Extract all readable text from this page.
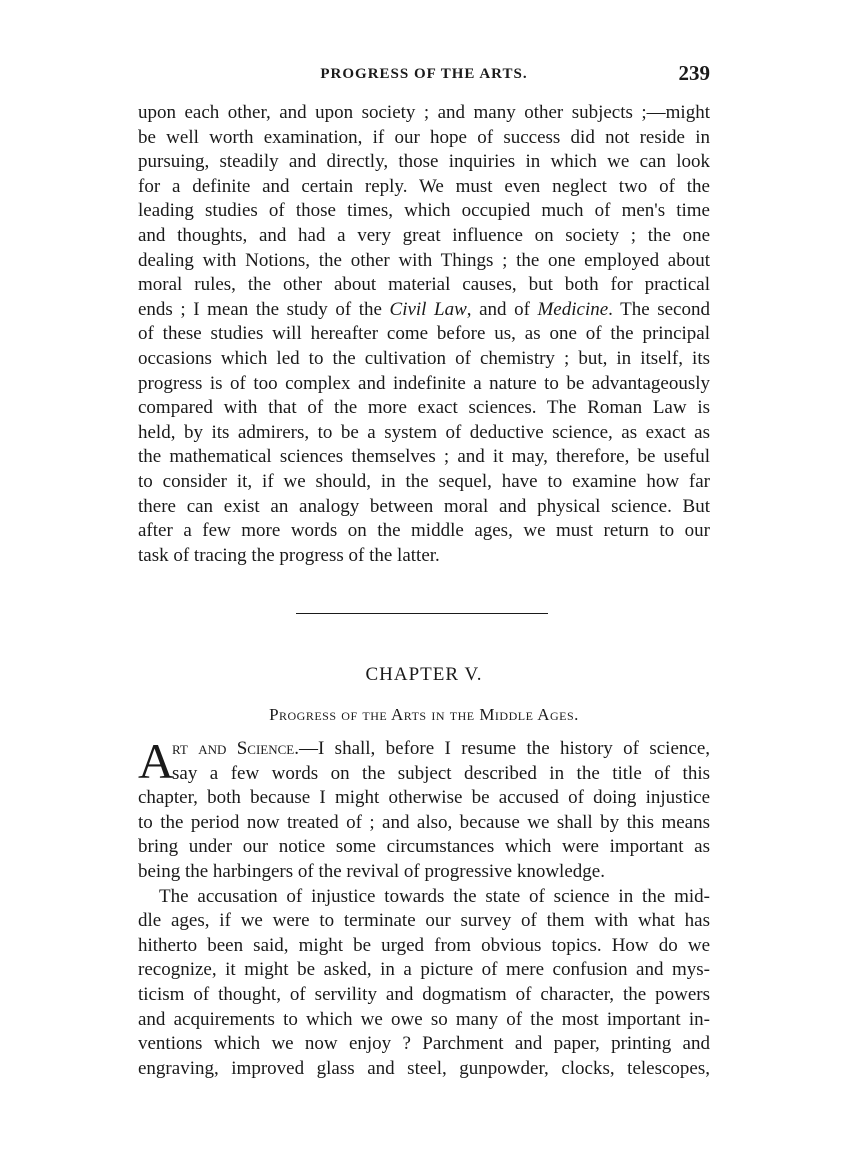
PROGRESS OF THE ARTS.	239
upon each other, and upon society ; and many other subjects ;—might
be well worth examination, if our hope of success did not reside in
pursuing, steadily and directly, those inquiries in which we can look
for a definite and certain reply. We must even neglect two of the
leading studies of those times, which occupied much of men's time
and thoughts, and had a very great influence on society ; the one
dealing with Notions, the other with Things ; the one employed about
moral rules, the other about material causes, but both for practical
ends ; I mean the study of the Civil Law, and of Medicine. The second
of these studies will hereafter come before us, as one of the principal
occasions which led to the cultivation of chemistry ; but, in itself, its
progress is of too complex and indefinite a nature to be advantageously
compared with that of the more exact sciences. The Roman Law is
held, by its admirers, to be a system of deductive science, as exact as
the mathematical sciences themselves ; and it may, therefore, be useful
to consider it, if we should, in the sequel, have to examine how far
there can exist an analogy between moral and physical science. But
after a few more words on the middle ages, we must return to our
task of tracing the progress of the latter.
CHAPTER V.
Progress of the Arts in the Middle Ages.
A
rt and Science.—I shall, before I resume the history of science,
say a few words on the subject described in the title of this
chapter, both because I might otherwise be accused of doing injustice
to the period now treated of ; and also, because we shall by this means
bring under our notice some circumstances which were important as
being the harbingers of the revival of progressive knowledge.
The accusation of injustice towards the state of science in the mid-
dle ages, if we were to terminate our survey of them with what has
hitherto been said, might be urged from obvious topics. How do we
recognize, it might be asked, in a picture of mere confusion and mys-
ticism of thought, of servility and dogmatism of character, the powers
and acquirements to which we owe so many of the most important in-
ventions which we now enjoy ? Parchment and paper, printing and
engraving, improved glass and steel, gunpowder, clocks, telescopes,
